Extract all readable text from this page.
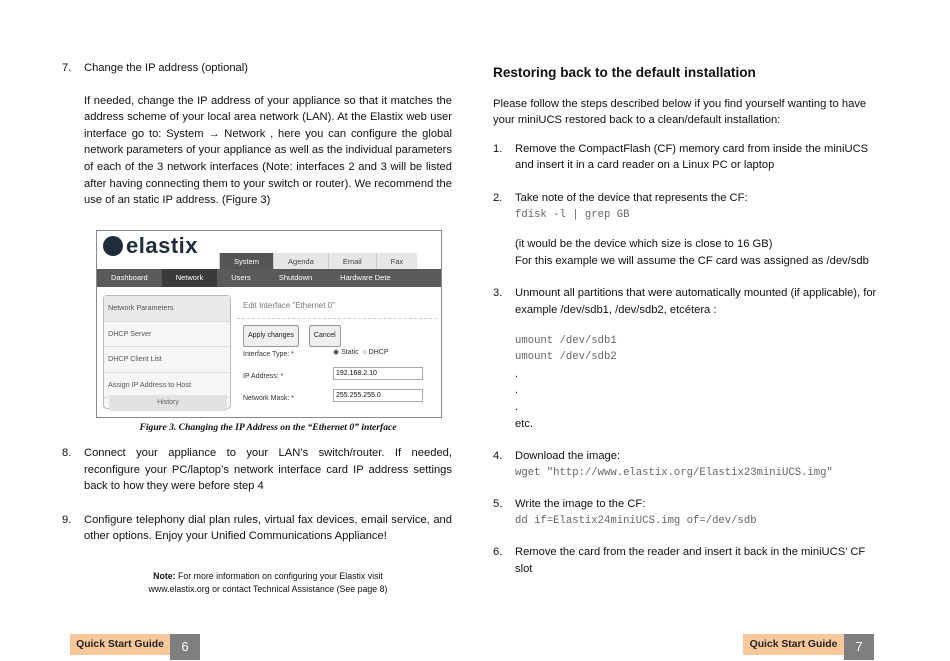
7. Change the IP address (optional)

If needed, change the IP address of your appliance so that it matches the address scheme of your local area network (LAN). At the Elastix web user interface go to: System → Network , here you can configure the global network parameters of your appliance as well as the individual parameters of each of the 3 network interfaces (Note: interfaces 2 and 3 will be listed after having connecting them to your switch or router). We recommend the use of an static IP address. (Figure 3)

elastix
System	Agenda	Email	Fax
Dashboard	Network	Users	Shutdown	Hardware Dete
Network Parameters
DHCP Server
DHCP Client List
Assign IP Address to Host
History
Edit Interface "Ethernet 0"
Apply changes	Cancel
Interface Type: *	◉ Static ○ DHCP
IP Address: *	192.168.2.10
Network Mask: *	255.255.255.0
Figure 3. Changing the IP Address on the “Ethernet 0” interface
8. Connect your appliance to your LAN’s switch/router. If needed, reconfigure your PC/laptop’s network interface card IP address settings back to how they were before step 4

9. Configure telephony dial plan rules, virtual fax devices, email service, and other options. Enjoy your Unified Communications Appliance!

Note: For more information on configuring your Elastix visit
www.elastix.org or contact Technical Assistance (See page 8)
Quick Start Guide	6
Restoring back to the default installation

Please follow the steps described below if you find yourself wanting to have your miniUCS restored back to a clean/default installation:

1. Remove the CompactFlash (CF) memory card from inside the miniUCS and insert it in a card reader on a Linux PC or laptop

2. Take note of the device that represents the CF:

fdisk -l | grep GB

(it would be the device which size is close to 16 GB)

For this example we will assume the CF card was assigned as /dev/sdb

3. Unmount all partitions that were automatically mounted (if applicable), for example /dev/sdb1, /dev/sdb2, etcétera :

umount /dev/sdb1

umount /dev/sdb2

.

.

.

etc.

4. Download the image:

wget "http://www.elastix.org/Elastix23miniUCS.img"

5. Write the image to the CF:

dd if=Elastix24miniUCS.img of=/dev/sdb

6. Remove the card from the reader and insert it back in the miniUCS’ CF slot

Quick Start Guide	7
